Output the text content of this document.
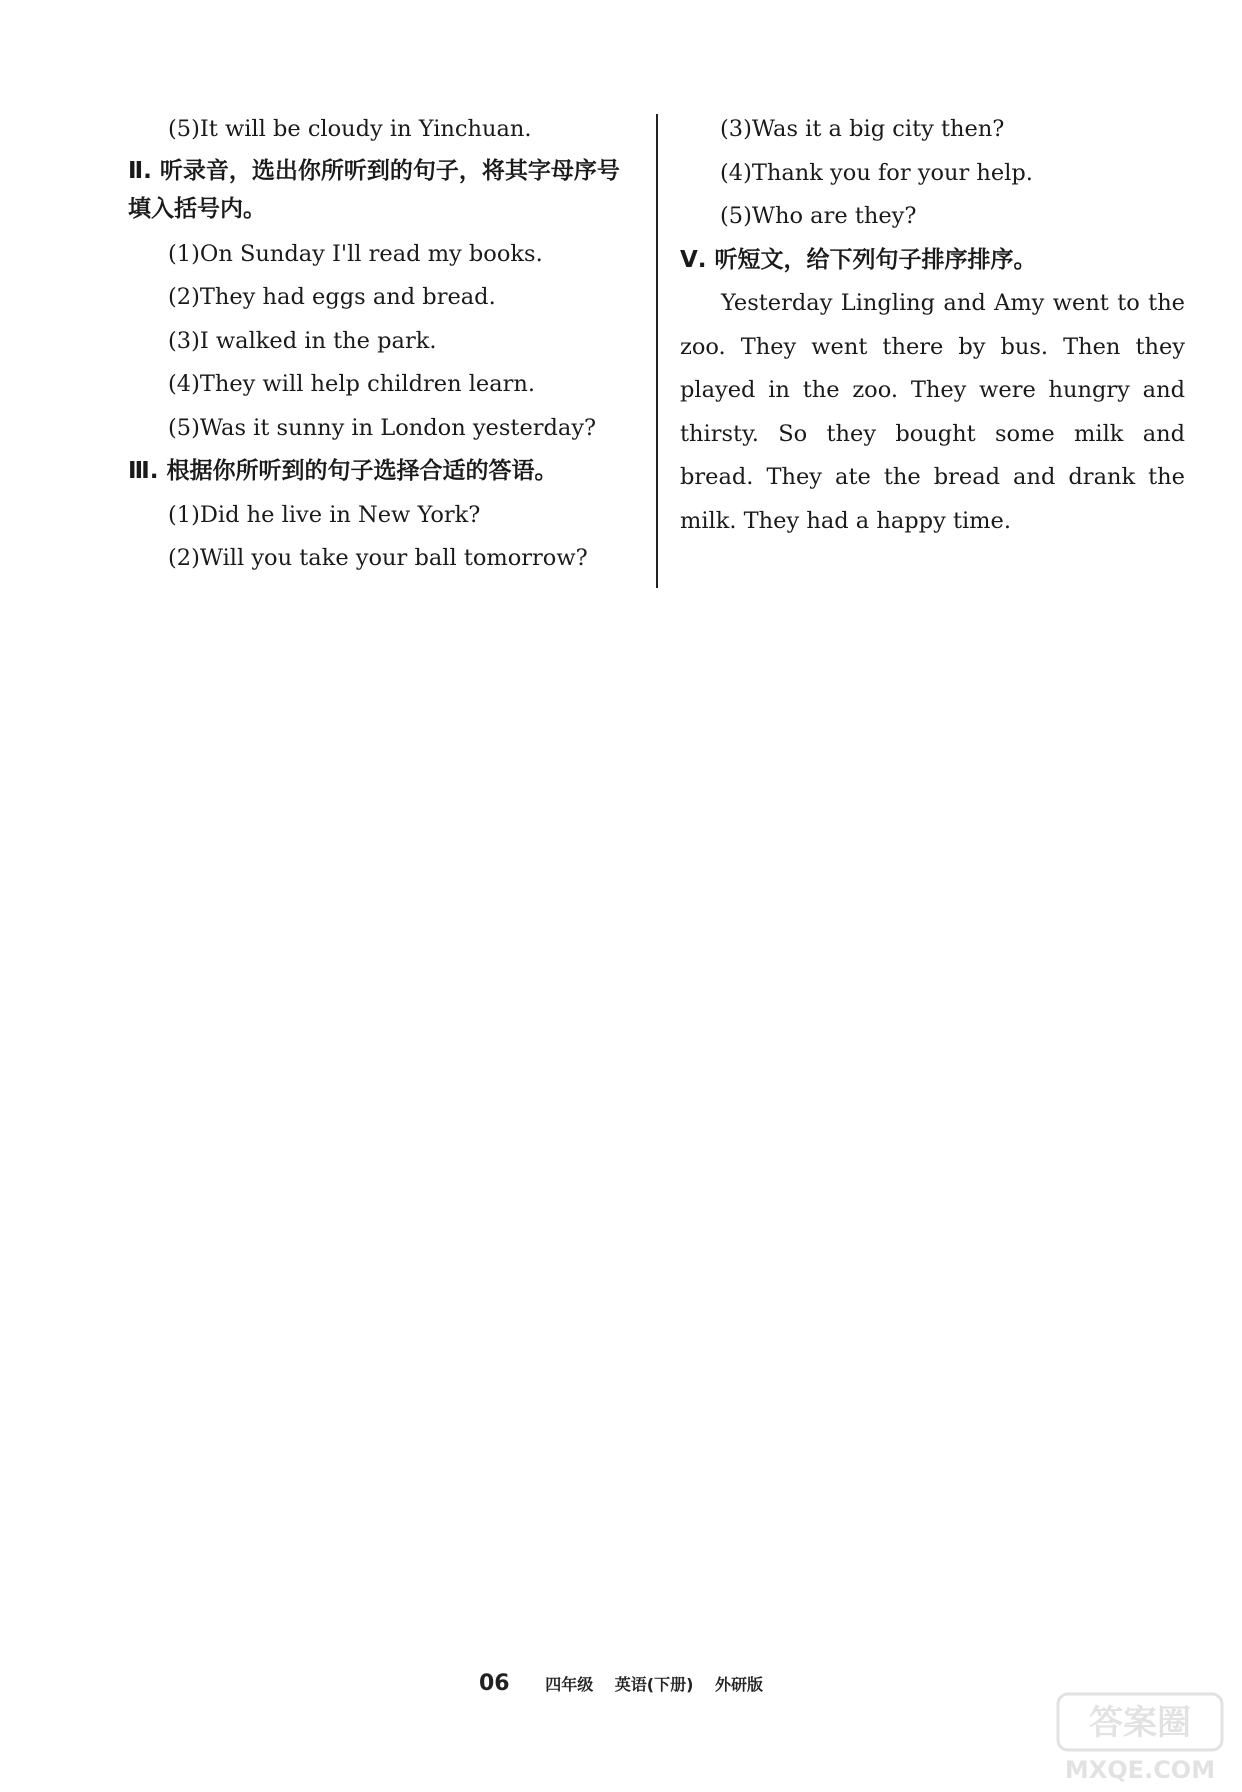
(5)It will be cloudy in Yinchuan.
Ⅱ. 听录音，选出你所听到的句子，将其字母序号填入括号内。
(1)On Sunday I'll read my books.
(2)They had eggs and bread.
(3)I walked in the park.
(4)They will help children learn.
(5)Was it sunny in London yesterday?
Ⅲ. 根据你所听到的句子选择合适的答语。
(1)Did he live in New York?
(2)Will you take your ball tomorrow?
(3)Was it a big city then?
(4)Thank you for your help.
(5)Who are they?
Ⅴ. 听短文，给下列句子排序排序。

Yesterday Lingling and Amy went to the zoo. They went there by bus. Then they played in the zoo. They were hungry and thirsty. So they bought some milk and bread. They ate the bread and drank the milk. They had a happy time.

06 四年级 英语(下册) 外研版
答案圈
MXQE.COM
